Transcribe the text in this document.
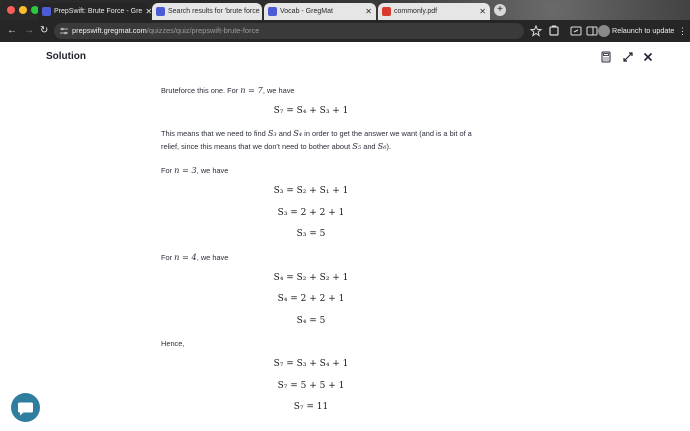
PrepSwift: Brute Force - Gre ✕ Search results for 'brute force	Vocab - GregMat	✕	commonly.pdf	✕	+
← → ↻	prepswift.gregmat.com/quizzes/quiz/prepswift-brute-force	Relaunch to update ⋮
Solution
Bruteforce this one. For n = 7, we have
S₇ = S₄ + S₃ + 1
This means that we need to find S₃ and S₄ in order to get the answer we want (and is a bit of a
relief, since this means that we don't need to bother about S₅ and S₆).
For n = 3, we have
S₃ = S₂ + S₁ + 1
S₃ = 2 + 2 + 1
S₃ = 5
For n = 4, we have
S₄ = S₂ + S₂ + 1
S₄ = 2 + 2 + 1
S₄ = 5
Hence,
S₇ = S₃ + S₄ + 1
S₇ = 5 + 5 + 1
S₇ = 11
